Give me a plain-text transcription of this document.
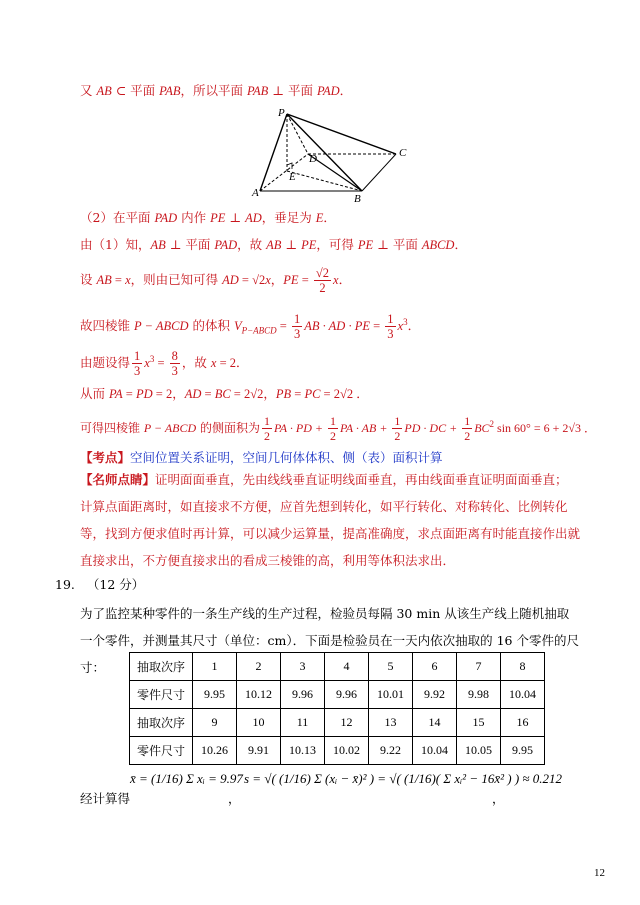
又 AB ⊂ 平面 PAB，所以平面 PAB ⊥ 平面 PAD．
P
D
E
C
A	B
（2）在平面 PAD 内作 PE ⊥ AD，垂足为 E．
由（1）知，AB ⊥ 平面 PAD，故 AB ⊥ PE，可得 PE ⊥ 平面 ABCD．
设 AB = x，则由已知可得 AD = √2x，PE = $\frac{√2}{2}$ x．
故四棱锥 P − ABCD 的体积 $V_{P-ABCD} = \frac{1}{3}$ AB · AD · PE = $\frac{1}{3} x^3$．
由题设得 $\frac{1}{3} x^3 = \frac{8}{3}$ ，故 x = 2．
从而 PA = PD = 2，AD = BC = 2√2，PB = PC = 2√2 ．
可得四棱锥 P − ABCD 的侧面积为 $\frac{1}{2}$ PA · PD + $\frac{1}{2}$ PA · AB + $\frac{1}{2}$ PD · DC + $\frac{1}{2} BC^2$ sin 60° = 6 + 2√3 ．
【考点】空间位置关系证明，空间几何体体积、侧（表）面积计算
【名师点睛】证明面面垂直，先由线线垂直证明线面垂直，再由线面垂直证明面面垂直；计算点面距离时，如直接求不方便，应首先想到转化，如平行转化、对称转化、比例转化等，找到方便求值时再计算，可以减少运算量，提高准确度，求点面距离有时能直接作出就直接求出，不方便直接求出的看成三棱锥的高，利用等体积法求出．
19. （12 分）
为了监控某种零件的一条生产线的生产过程，检验员每隔 30 min 从该生产线上随机抽取一个零件，并测量其尺寸（单位：cm）．下面是检验员在一天内依次抽取的 16 个零件的尺寸：	抽取次序	1	2	3	4	5	6	7	8
零件尺寸	9.95	10.12	9.96	9.96	10.01	9.92	9.98	10.04
抽取次序	9	10	11	12	13	14	15	16
零件尺寸	10.26	9.91	10.13	10.02	9.22	10.04	10.05	9.95
经计算得
x̄ = (1/16) Σ xᵢ = 9.97
，
s = √( (1/16) Σ (xᵢ − x̄)² ) = √( (1/16)( Σ xᵢ² − 16x̄² ) ) ≈ 0.212
，
12
